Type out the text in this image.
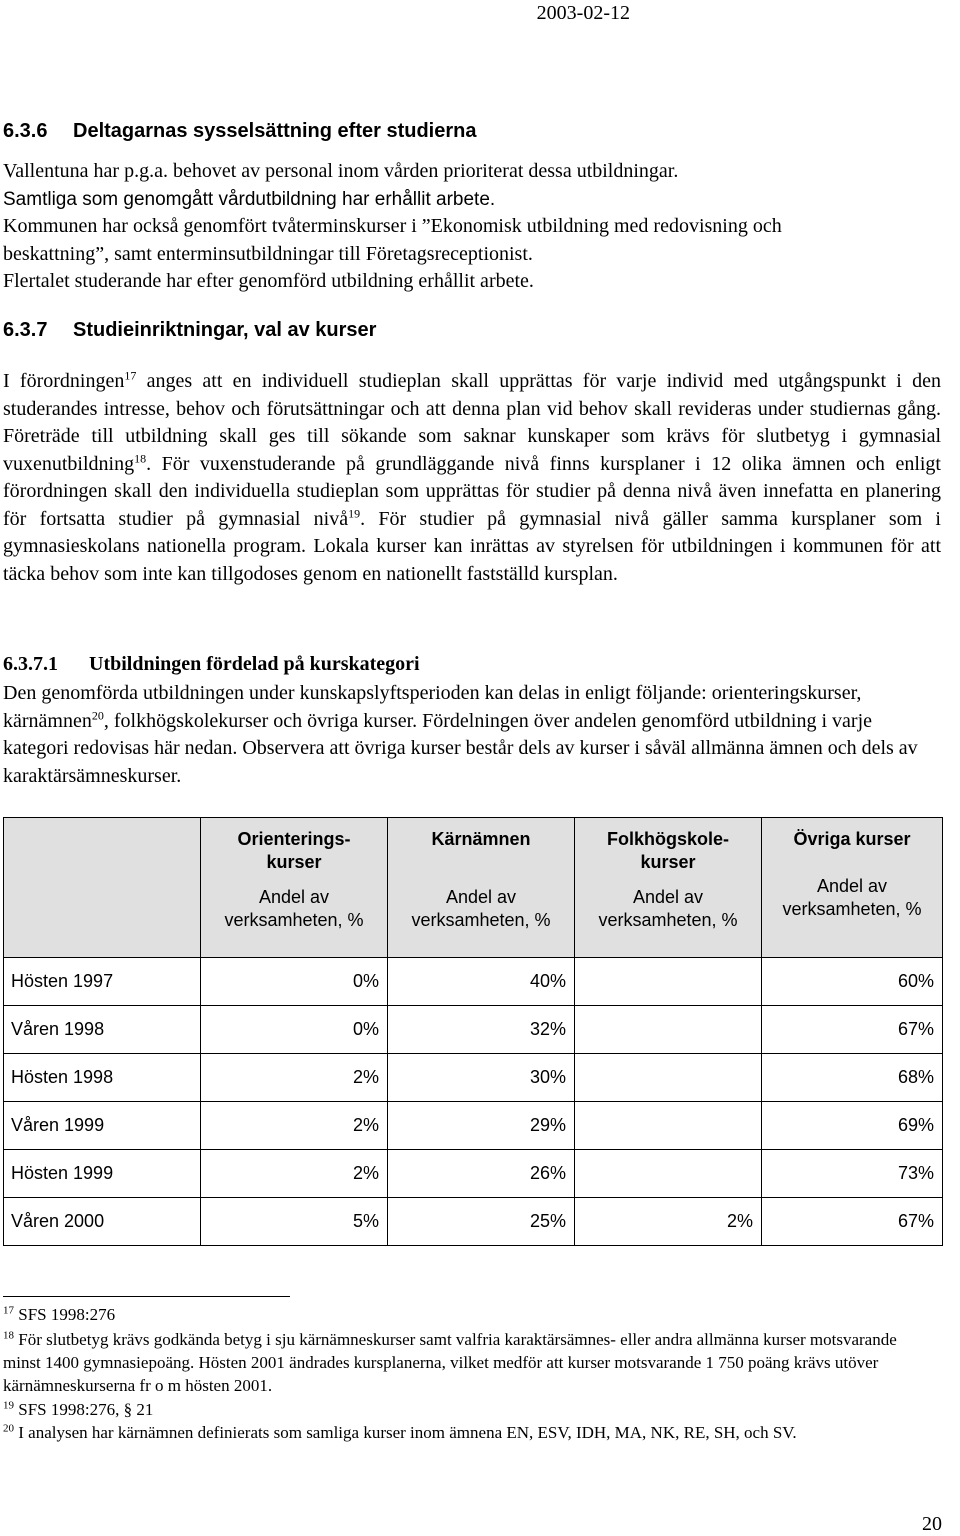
2003-02-12
6.3.6 Deltagarnas sysselsättning efter studierna

Vallentuna har p.g.a. behovet av personal inom vården prioriterat dessa utbildningar.

Samtliga som genomgått vårdutbildning har erhållit arbete.

Kommunen har också genomfört tvåterminskurser i ”Ekonomisk utbildning med redovisning och

beskattning”, samt enterminsutbildningar till Företagsreceptionist.

Flertalet studerande har efter genomförd utbildning erhållit arbete.

6.3.7 Studieinriktningar, val av kurser
I förordningen$^{17}$ anges att en individuell studieplan skall upprättas för varje individ med utgångspunkt i den studerandes intresse, behov och förutsättningar och att denna plan vid behov skall revideras under studiernas gång. Företräde till utbildning skall ges till sökande som saknar kunskaper som krävs för slutbetyg i gymnasial vuxenutbildning$^{18}$. För vuxenstuderande på grundläggande nivå finns kursplaner i 12 olika ämnen och enligt förordningen skall den individuella studieplan som upprättas för studier på denna nivå även innefatta en planering för fortsatta studier på gymnasial nivå$^{19}$. För studier på gymnasial nivå gäller samma kursplaner som i gymnasieskolans nationella program. Lokala kurser kan inrättas av styrelsen för utbildningen i kommunen för att täcka behov som inte kan tillgodoses genom en nationellt fastställd kursplan.
6.3.7.1 Utbildningen fördelad på kurskategori
Den genomförda utbildningen under kunskapslyftsperioden kan delas in enligt följande: orienteringskurser, kärnämnen$^{20}$, folkhögskolekurser och övriga kurser. Fördelningen över andelen genomförd utbildning i varje kategori redovisas här nedan. Observera att övriga kurser består dels av kurser i såväl allmänna ämnen och dels av karaktärsämneskurser.

	Orienterings-
kurser
Andel av
verksamheten, %	Kärnämnen
Andel av
verksamheten, %	Folkhögskole-
kurser
Andel av
verksamheten, %	Övriga kurser
Andel av
verksamheten, %

Hösten 1997	0%	40%		60%
Våren 1998	0%	32%		67%
Hösten 1998	2%	30%		68%
Våren 1999	2%	29%		69%
Hösten 1999	2%	26%		73%
Våren 2000	5%	25%	2%	67%
$^{17}$ SFS 1998:276
$^{18}$ För slutbetyg krävs godkända betyg i sju kärnämneskurser samt valfria karaktärsämnes- eller andra allmänna kurser motsvarande minst 1400 gymnasiepoäng. Hösten 2001 ändrades kursplanerna, vilket medför att kurser motsvarande 1 750 poäng krävs utöver kärnämneskurserna fr o m hösten 2001.
$^{19}$ SFS 1998:276, § 21
$^{20}$ I analysen har kärnämnen definierats som samliga kurser inom ämnena EN, ESV, IDH, MA, NK, RE, SH, och SV.
20
